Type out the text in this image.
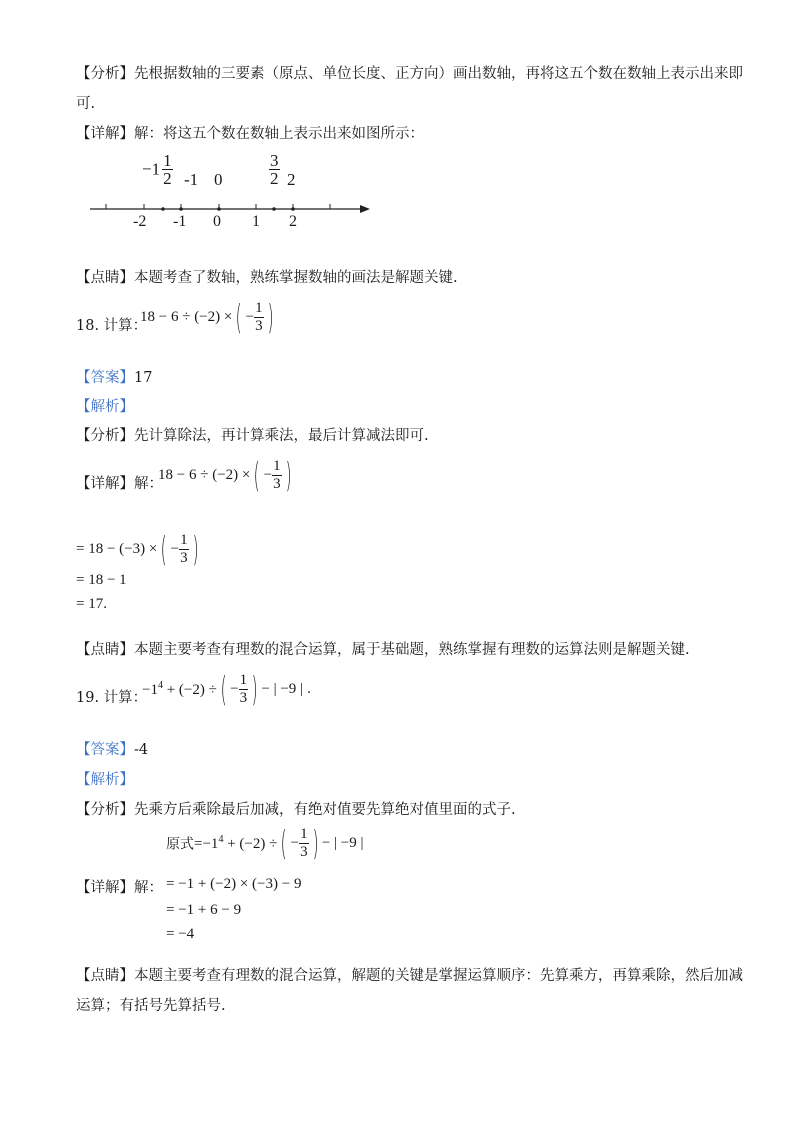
【分析】先根据数轴的三要素（原点、单位长度、正方向）画出数轴，再将这五个数在数轴上表示出来即
可.
【详解】解：将这五个数在数轴上表示出来如图所示：
$-1 \frac{1}{2} -1$ 0	$\frac{3}{2} 2$
-2 -1 0 1 2
【点睛】本题考查了数轴，熟练掌握数轴的画法是解题关键.
18. 计算：
18 − 6 ÷ (−2) × ( − $\frac{1}{3}$ )
【答案】17
【解析】
【分析】先计算除法，再计算乘法，最后计算减法即可.
【详解】解：
18 − 6 ÷ (−2) × ( − $\frac{1}{3}$ )
= 18 − (−3) × ( − $\frac{1}{3}$ )
= 18 − 1
= 17.
【点睛】本题主要考查有理数的混合运算，属于基础题，熟练掌握有理数的运算法则是解题关键.
19. 计算：
$-1^4 + (-2)$ ÷ ( − $\frac{1}{3}$ ) − | −9 | .
【答案】-4
【解析】
【分析】先乘方后乘除最后加减，有绝对值要先算绝对值里面的式子.
原式$=-1^4 + (-2)$ ÷ ( − $\frac{1}{3}$ ) − | −9 |
【详解】解： = −1 + (−2) × (−3) − 9
= −1 + 6 − 9
= −4
【点睛】本题主要考查有理数的混合运算，解题的关键是掌握运算顺序：先算乘方，再算乘除，然后加减
运算；有括号先算括号.
